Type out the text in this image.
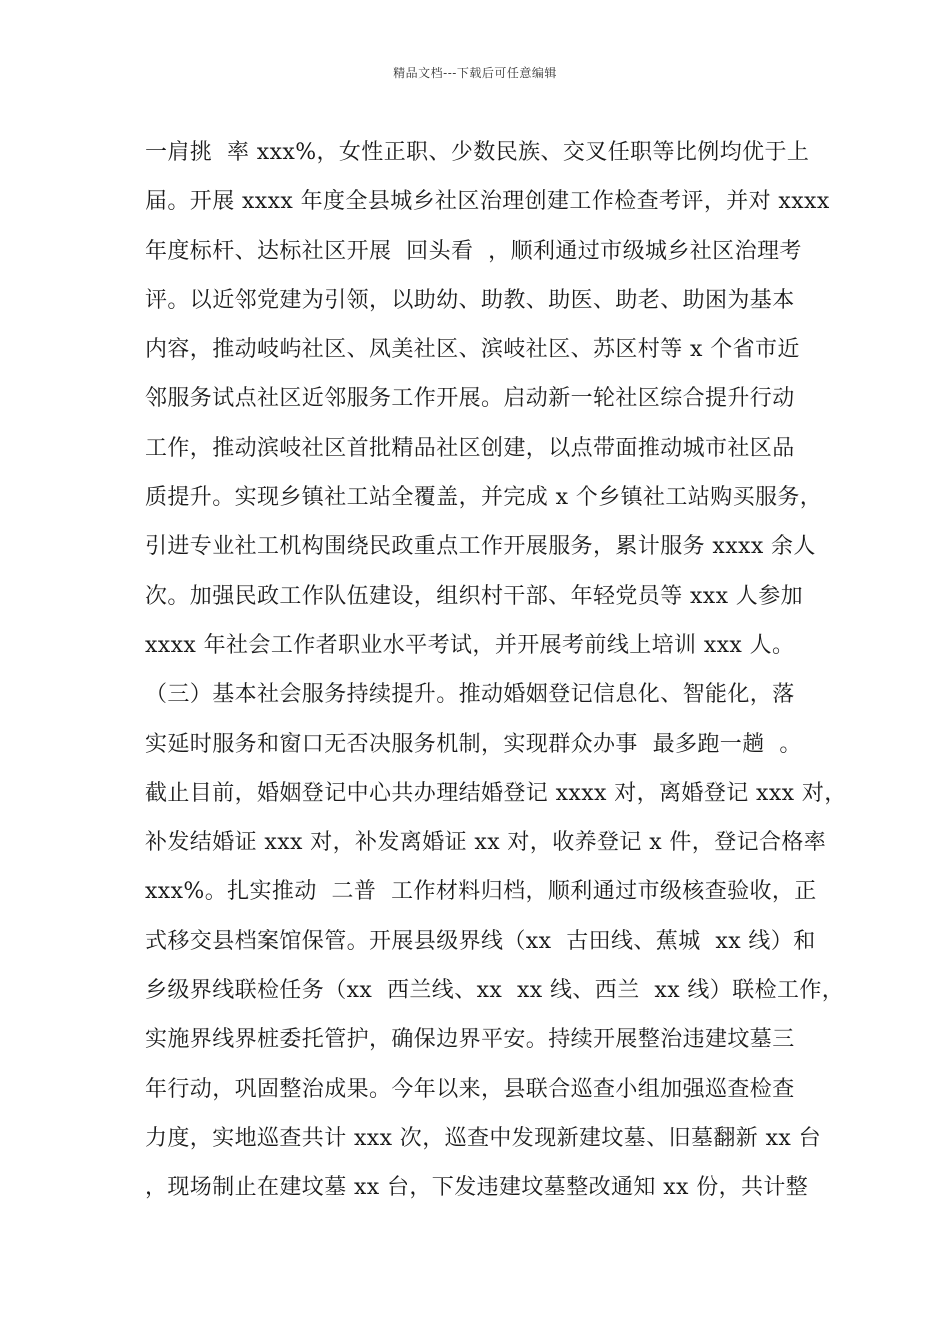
精品文档---下载后可任意编辑
一肩挑  率 xxx%，女性正职、少数民族、交叉任职等比例均优于上
届。开展 xxxx 年度全县城乡社区治理创建工作检查考评，并对 xxxx
年度标杆、达标社区开展  回头看  ，顺利通过市级城乡社区治理考
评。以近邻党建为引领，以助幼、助教、助医、助老、助困为基本
内容，推动岐屿社区、凤美社区、滨岐社区、苏区村等 x 个省市近
邻服务试点社区近邻服务工作开展。启动新一轮社区综合提升行动
工作，推动滨岐社区首批精品社区创建，以点带面推动城市社区品
质提升。实现乡镇社工站全覆盖，并完成 x 个乡镇社工站购买服务，
引进专业社工机构围绕民政重点工作开展服务，累计服务 xxxx 余人
次。加强民政工作队伍建设，组织村干部、年轻党员等 xxx 人参加
xxxx 年社会工作者职业水平考试，并开展考前线上培训 xxx 人。
（三）基本社会服务持续提升。推动婚姻登记信息化、智能化，落
实延时服务和窗口无否决服务机制，实现群众办事  最多跑一趟  。
截止目前，婚姻登记中心共办理结婚登记 xxxx 对，离婚登记 xxx 对，
补发结婚证 xxx 对，补发离婚证 xx 对，收养登记 x 件，登记合格率
xxx%。扎实推动  二普  工作材料归档，顺利通过市级核查验收，正
式移交县档案馆保管。开展县级界线（xx  古田线、蕉城  xx 线）和
乡级界线联检任务（xx  西兰线、xx  xx 线、西兰  xx 线）联检工作，
实施界线界桩委托管护，确保边界平安。持续开展整治违建坟墓三
年行动，巩固整治成果。今年以来，县联合巡查小组加强巡查检查
力度，实地巡查共计 xxx 次，巡查中发现新建坟墓、旧墓翻新 xx 台
，现场制止在建坟墓 xx 台，下发违建坟墓整改通知 xx 份，共计整
